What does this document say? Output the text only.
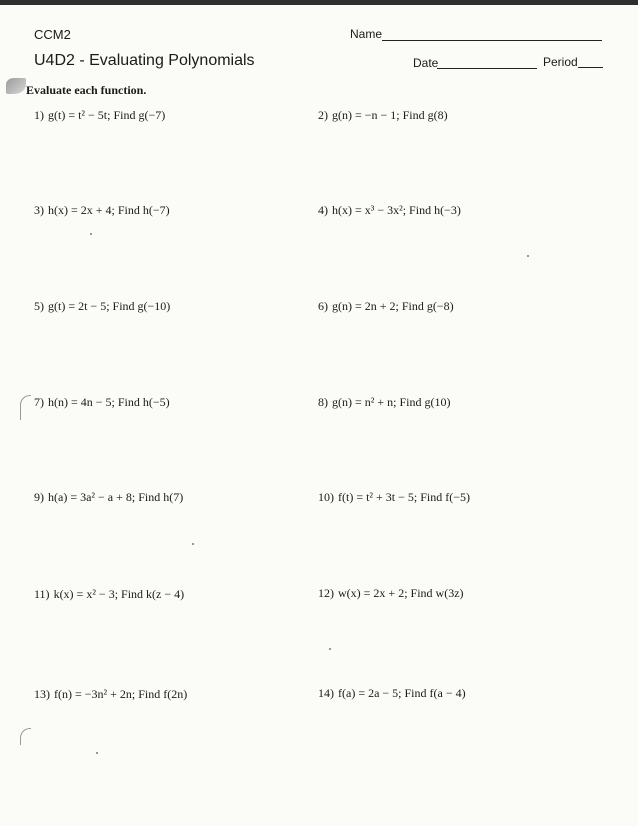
CCM2
U4D2 - Evaluating Polynomials
Name
Date	Period
Evaluate each function.
1) g(t) = t² − 5t; Find g(−7)	2) g(n) = −n − 1; Find g(8)
3) h(x) = 2x + 4; Find h(−7)	4) h(x) = x³ − 3x²; Find h(−3)
5) g(t) = 2t − 5; Find g(−10)	6) g(n) = 2n + 2; Find g(−8)
7) h(n) = 4n − 5; Find h(−5)	8) g(n) = n² + n; Find g(10)
9) h(a) = 3a² − a + 8; Find h(7)	10) f(t) = t² + 3t − 5; Find f(−5)
11) k(x) = x² − 3; Find k(z − 4)	12) w(x) = 2x + 2; Find w(3z)
13) f(n) = −3n² + 2n; Find f(2n)	14) f(a) = 2a − 5; Find f(a − 4)
